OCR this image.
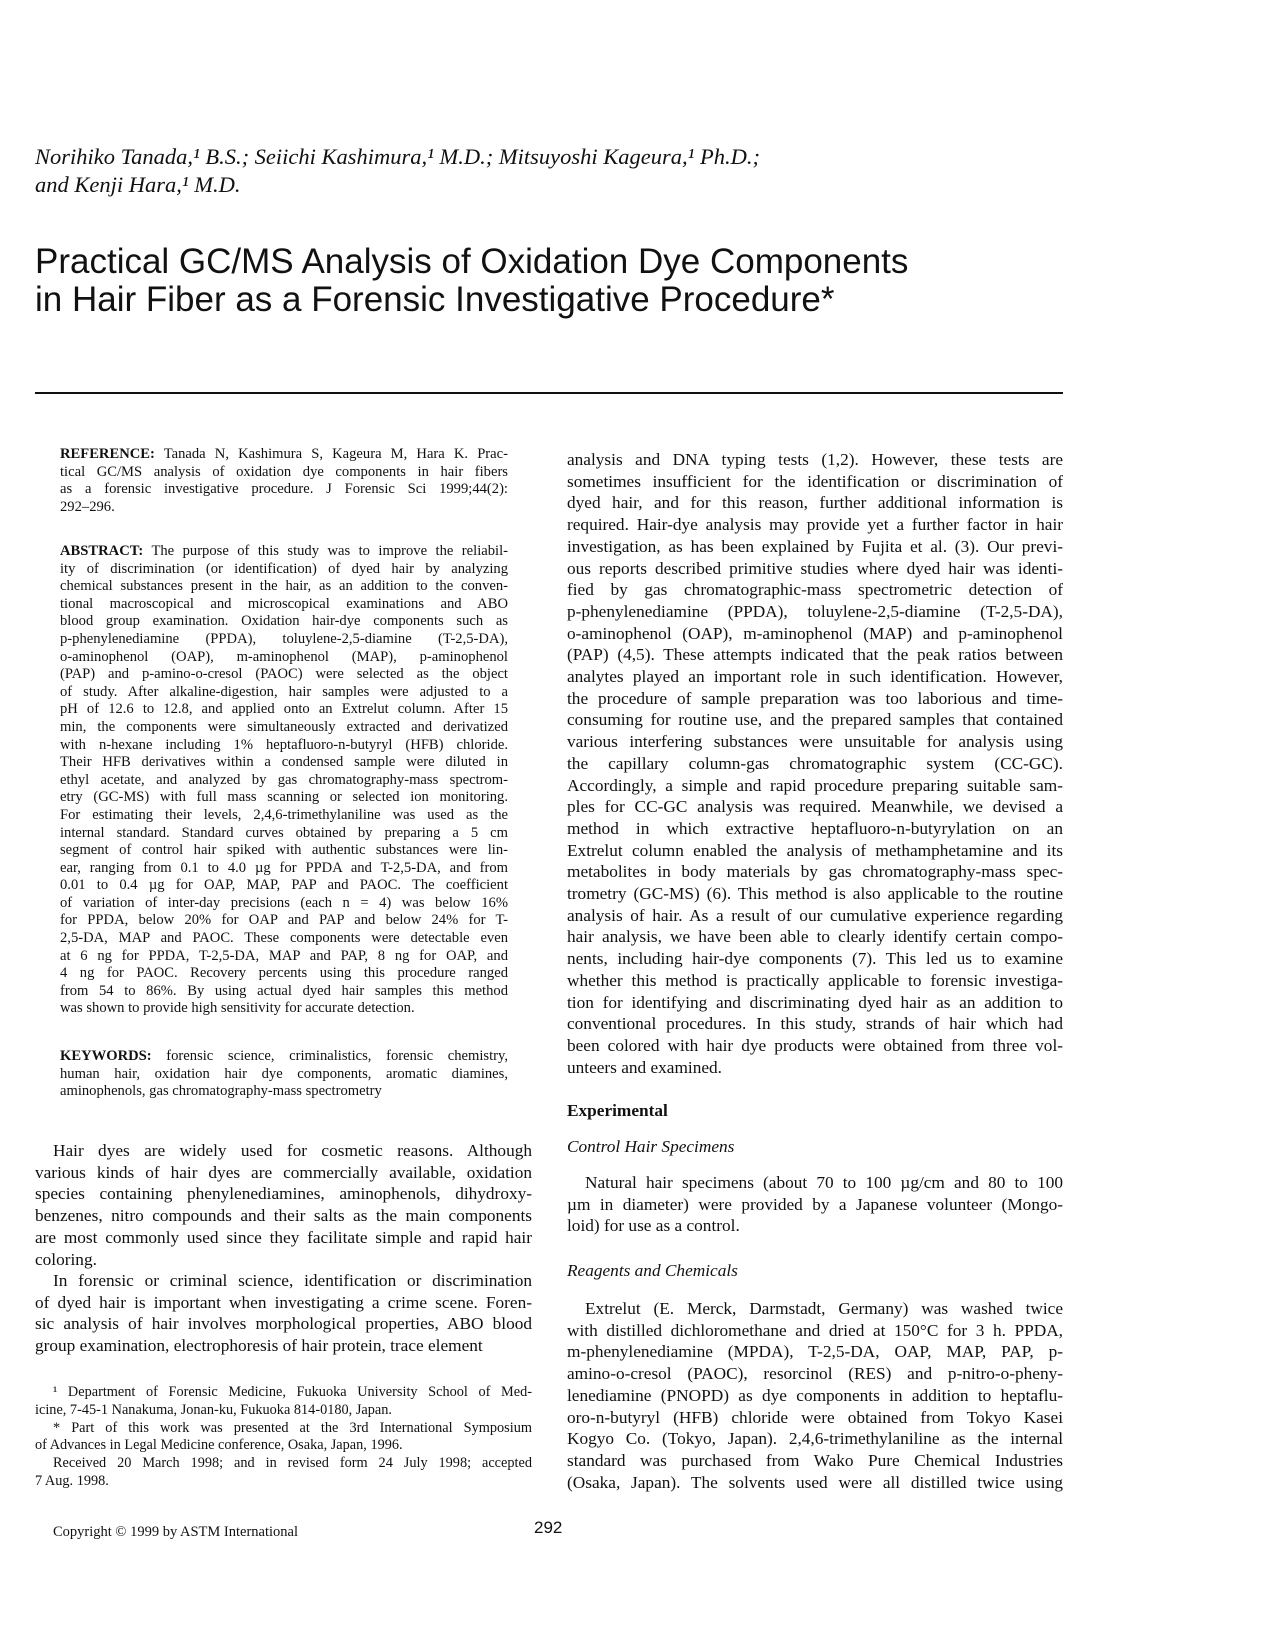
Norihiko Tanada,¹ B.S.; Seiichi Kashimura,¹ M.D.; Mitsuyoshi Kageura,¹ Ph.D.;
and Kenji Hara,¹ M.D.
Practical GC/MS Analysis of Oxidation Dye Components
in Hair Fiber as a Forensic Investigative Procedure*
REFERENCE: Tanada N, Kashimura S, Kageura M, Hara K. Prac-
tical GC/MS analysis of oxidation dye components in hair fibers
as a forensic investigative procedure. J Forensic Sci 1999;44(2):
292–296.
ABSTRACT: The purpose of this study was to improve the reliabil-
ity of discrimination (or identification) of dyed hair by analyzing
chemical substances present in the hair, as an addition to the conven-
tional macroscopical and microscopical examinations and ABO
blood group examination. Oxidation hair-dye components such as
p-phenylenediamine (PPDA), toluylene-2,5-diamine (T-2,5-DA),
o-aminophenol (OAP), m-aminophenol (MAP), p-aminophenol
(PAP) and p-amino-o-cresol (PAOC) were selected as the object
of study. After alkaline-digestion, hair samples were adjusted to a
pH of 12.6 to 12.8, and applied onto an Extrelut column. After 15
min, the components were simultaneously extracted and derivatized
with n-hexane including 1% heptafluoro-n-butyryl (HFB) chloride.
Their HFB derivatives within a condensed sample were diluted in
ethyl acetate, and analyzed by gas chromatography-mass spectrom-
etry (GC-MS) with full mass scanning or selected ion monitoring.
For estimating their levels, 2,4,6-trimethylaniline was used as the
internal standard. Standard curves obtained by preparing a 5 cm
segment of control hair spiked with authentic substances were lin-
ear, ranging from 0.1 to 4.0 µg for PPDA and T-2,5-DA, and from
0.01 to 0.4 µg for OAP, MAP, PAP and PAOC. The coefficient
of variation of inter-day precisions (each n = 4) was below 16%
for PPDA, below 20% for OAP and PAP and below 24% for T-
2,5-DA, MAP and PAOC. These components were detectable even
at 6 ng for PPDA, T-2,5-DA, MAP and PAP, 8 ng for OAP, and
4 ng for PAOC. Recovery percents using this procedure ranged
from 54 to 86%. By using actual dyed hair samples this method
was shown to provide high sensitivity for accurate detection.
KEYWORDS: forensic science, criminalistics, forensic chemistry,
human hair, oxidation hair dye components, aromatic diamines,
aminophenols, gas chromatography-mass spectrometry
Hair dyes are widely used for cosmetic reasons. Although
various kinds of hair dyes are commercially available, oxidation
species containing phenylenediamines, aminophenols, dihydroxy-
benzenes, nitro compounds and their salts as the main components
are most commonly used since they facilitate simple and rapid hair
coloring.
In forensic or criminal science, identification or discrimination
of dyed hair is important when investigating a crime scene. Foren-
sic analysis of hair involves morphological properties, ABO blood
group examination, electrophoresis of hair protein, trace element
¹ Department of Forensic Medicine, Fukuoka University School of Med-
icine, 7-45-1 Nanakuma, Jonan-ku, Fukuoka 814-0180, Japan.
* Part of this work was presented at the 3rd International Symposium
of Advances in Legal Medicine conference, Osaka, Japan, 1996.
Received 20 March 1998; and in revised form 24 July 1998; accepted
7 Aug. 1998.
analysis and DNA typing tests (1,2). However, these tests are
sometimes insufficient for the identification or discrimination of
dyed hair, and for this reason, further additional information is
required. Hair-dye analysis may provide yet a further factor in hair
investigation, as has been explained by Fujita et al. (3). Our previ-
ous reports described primitive studies where dyed hair was identi-
fied by gas chromatographic-mass spectrometric detection of
p-phenylenediamine (PPDA), toluylene-2,5-diamine (T-2,5-DA),
o-aminophenol (OAP), m-aminophenol (MAP) and p-aminophenol
(PAP) (4,5). These attempts indicated that the peak ratios between
analytes played an important role in such identification. However,
the procedure of sample preparation was too laborious and time-
consuming for routine use, and the prepared samples that contained
various interfering substances were unsuitable for analysis using
the capillary column-gas chromatographic system (CC-GC).
Accordingly, a simple and rapid procedure preparing suitable sam-
ples for CC-GC analysis was required. Meanwhile, we devised a
method in which extractive heptafluoro-n-butyrylation on an
Extrelut column enabled the analysis of methamphetamine and its
metabolites in body materials by gas chromatography-mass spec-
trometry (GC-MS) (6). This method is also applicable to the routine
analysis of hair. As a result of our cumulative experience regarding
hair analysis, we have been able to clearly identify certain compo-
nents, including hair-dye components (7). This led us to examine
whether this method is practically applicable to forensic investiga-
tion for identifying and discriminating dyed hair as an addition to
conventional procedures. In this study, strands of hair which had
been colored with hair dye products were obtained from three vol-
unteers and examined.
Experimental
Control Hair Specimens
Natural hair specimens (about 70 to 100 µg/cm and 80 to 100
µm in diameter) were provided by a Japanese volunteer (Mongo-
loid) for use as a control.
Reagents and Chemicals
Extrelut (E. Merck, Darmstadt, Germany) was washed twice
with distilled dichloromethane and dried at 150°C for 3 h. PPDA,
m-phenylenediamine (MPDA), T-2,5-DA, OAP, MAP, PAP, p-
amino-o-cresol (PAOC), resorcinol (RES) and p-nitro-o-pheny-
lenediamine (PNOPD) as dye components in addition to heptaflu-
oro-n-butyryl (HFB) chloride were obtained from Tokyo Kasei
Kogyo Co. (Tokyo, Japan). 2,4,6-trimethylaniline as the internal
standard was purchased from Wako Pure Chemical Industries
(Osaka, Japan). The solvents used were all distilled twice using
Copyright © 1999 by ASTM International	292
